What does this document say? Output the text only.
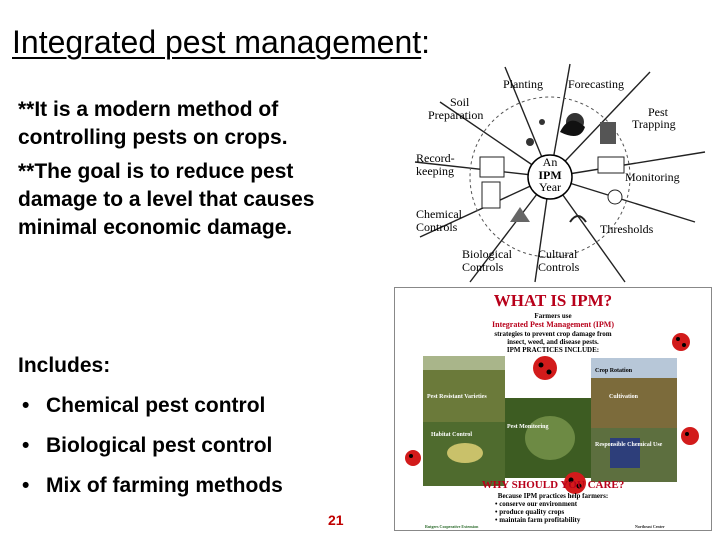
Integrated pest management:

**It is a modern method of controlling pests on crops.

**The goal is to reduce pest damage to a level that causes minimal economic damage.

Includes:
• Chemical pest control
• Biological pest control
• Mix of farming methods
21
An
IPM
Year
Planting Forecasting
Pest
Trapping
Soil
Preparation
Record-
keeping	Monitoring
Chemical
Controls	Thresholds
Biological
Controls
Cultural
Controls
WHAT IS IPM?
Farmers use
Integrated Pest Management (IPM)
strategies to prevent crop damage from
insect, weed, and disease pests.
IPM PRACTICES INCLUDE:
Pest Resistant Varieties
Habitat Control
Pest Monitoring
Crop Rotation
Cultivation
Responsible Chemical Use
WHY SHOULD YOU CARE?
Because IPM practices help farmers:
• conserve our environment
• produce quality crops
• maintain farm profitability
Rutgers Cooperative Extension	Northeast Center
